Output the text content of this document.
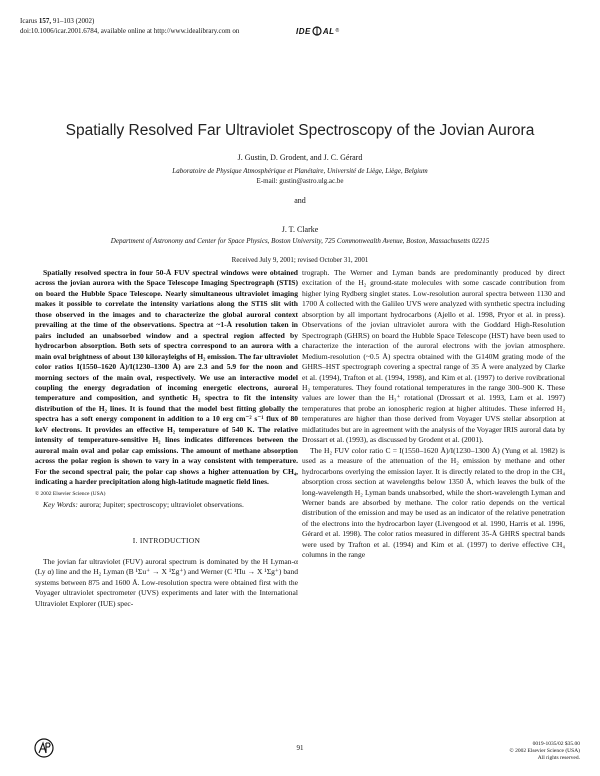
Icarus 157, 91–103 (2002)
doi:10.1006/icar.2001.6784, available online at http://www.idealibrary.com on	IDE AL ®
Spatially Resolved Far Ultraviolet Spectroscopy of the Jovian Aurora
J. Gustin, D. Grodent, and J. C. Gérard
Laboratoire de Physique Atmosphérique et Planétaire, Université de Liège, Liège, Belgium
E-mail: gustin@astro.ulg.ac.be
and
J. T. Clarke
Department of Astronomy and Center for Space Physics, Boston University, 725 Commonwealth Avenue, Boston, Massachusetts 02215
Received July 9, 2001; revised October 31, 2001

Spatially resolved spectra in four 50-Å FUV spectral windows were obtained across the jovian aurora with the Space Telescope Imaging Spectrograph (STIS) on board the Hubble Space Telescope. Nearly simultaneous ultraviolet imaging makes it possible to correlate the intensity variations along the STIS slit with those observed in the images and to characterize the global auroral context prevailing at the time of the observations. Spectra at ~1-Å resolution taken in pairs included an unabsorbed window and a spectral region affected by hydrocarbon absorption. Both sets of spectra correspond to an aurora with a main oval brightness of about 130 kilorayleighs of H₂ emission. The far ultraviolet color ratios I(1550–1620 Å)/I(1230–1300 Å) are 2.3 and 5.9 for the noon and morning sectors of the main oval, respectively. We use an interactive model coupling the energy degradation of incoming energetic electrons, auroral temperature and composition, and synthetic H₂ spectra to fit the intensity distribution of the H₂ lines. It is found that the model best fitting globally the spectra has a soft energy component in addition to a 10 erg cm⁻² s⁻¹ flux of 80 keV electrons. It provides an effective H₂ temperature of 540 K. The relative intensity of temperature-sensitive H₂ lines indicates differences between the auroral main oval and polar cap emissions. The amount of methane absorption across the polar region is shown to vary in a way consistent with temperature. For the second spectral pair, the polar cap shows a higher attenuation by CH₄, indicating a harder precipitation along high-latitude magnetic field lines.

© 2002 Elsevier Science (USA)

Key Words: aurora; Jupiter; spectroscopy; ultraviolet observations.

I. INTRODUCTION

The jovian far ultraviolet (FUV) auroral spectrum is dominated by the H Lyman-α (Ly α) line and the H₂ Lyman (B ¹Σu⁺ → X ¹Σg⁺) and Werner (C ¹Πu → X ¹Σg⁺) band systems between 875 and 1600 Å. Low-resolution spectra were obtained first with the Voyager ultraviolet spectrometer (UVS) experiments and later with the International Ultraviolet Explorer (IUE) spec-

trograph. The Werner and Lyman bands are predominantly produced by direct excitation of the H₂ ground-state molecules with some cascade contribution from higher lying Rydberg singlet states. Low-resolution auroral spectra between 1130 and 1700 Å collected with the Galileo UVS were analyzed with synthetic spectra including absorption by all important hydrocarbons (Ajello et al. 1998, Pryor et al. in press). Observations of the jovian ultraviolet aurora with the Goddard High-Resolution Spectrograph (GHRS) on board the Hubble Space Telescope (HST) have been used to characterize the interaction of the auroral electrons with the jovian atmosphere. Medium-resolution (~0.5 Å) spectra obtained with the G140M grating mode of the GHRS–HST spectrograph covering a spectral range of 35 Å were analyzed by Clarke et al. (1994), Trafton et al. (1994, 1998), and Kim et al. (1997) to derive rovibrational H₂ temperatures. They found rotational temperatures in the range 300–900 K. These values are lower than the H₃⁺ rotational (Drossart et al. 1993, Lam et al. 1997) temperatures that probe an ionospheric region at higher altitudes. These inferred H₂ temperatures are higher than those derived from Voyager UVS stellar absorption at midlatitudes but are in agreement with the analysis of the Voyager IRIS auroral data by Drossart et al. (1993), as discussed by Grodent et al. (2001).

The H₂ FUV color ratio C = I(1550–1620 Å)/I(1230–1300 Å) (Yung et al. 1982) is used as a measure of the attenuation of the H₂ emission by methane and other hydrocarbons overlying the emission layer. It is directly related to the drop in the CH₄ absorption cross section at wavelengths below 1350 Å, which leaves the bulk of the long-wavelength H₂ Lyman bands unabsorbed, while the short-wavelength Lyman and Werner bands are absorbed by methane. The color ratio depends on the vertical distribution of the emission and may be used as an indicator of the relative penetration of the electrons into the hydrocarbon layer (Livengood et al. 1990, Harris et al. 1996, Gérard et al. 1998). The color ratios measured in different 35-Å GHRS spectral bands were used by Trafton et al. (1994) and Kim et al. (1997) to derive effective CH₄ columns in the range

91	0019-1035/02 $35.00
© 2002 Elsevier Science (USA)
All rights reserved.
